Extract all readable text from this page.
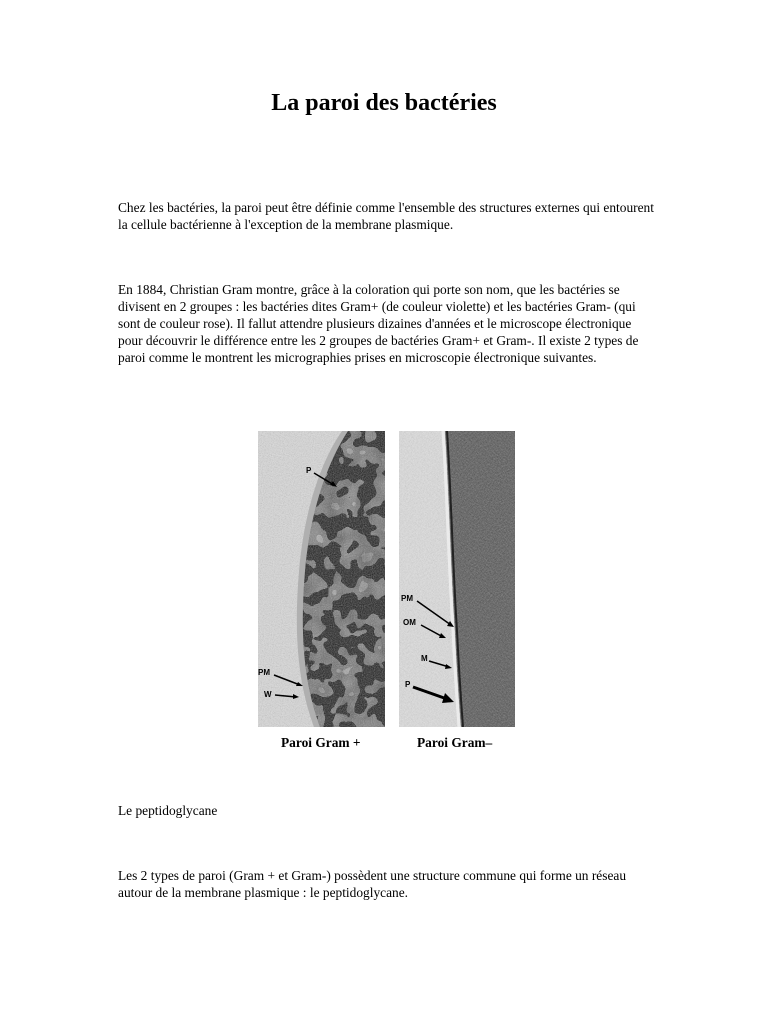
La paroi des bactéries

Chez les bactéries, la paroi peut être définie comme l'ensemble des structures externes qui entourent la cellule bactérienne à l'exception de la membrane plasmique.

En 1884, Christian Gram montre, grâce à la coloration qui porte son nom, que les bactéries se divisent en 2 groupes : les bactéries dites Gram+ (de couleur violette) et les bactéries Gram- (qui sont de couleur rose). Il fallut attendre plusieurs dizaines d'années et le microscope électronique pour découvrir le différence entre les 2 groupes de bactéries Gram+ et Gram-. Il existe 2 types de paroi comme le montrent les micrographies prises en microscopie électronique suivantes.

P
PM
W
PM
OM
M
P

Paroi Gram +	Paroi Gram–

Le peptidoglycane

Les 2 types de paroi (Gram + et Gram-) possèdent une structure commune qui forme un réseau autour de la membrane plasmique : le peptidoglycane.
